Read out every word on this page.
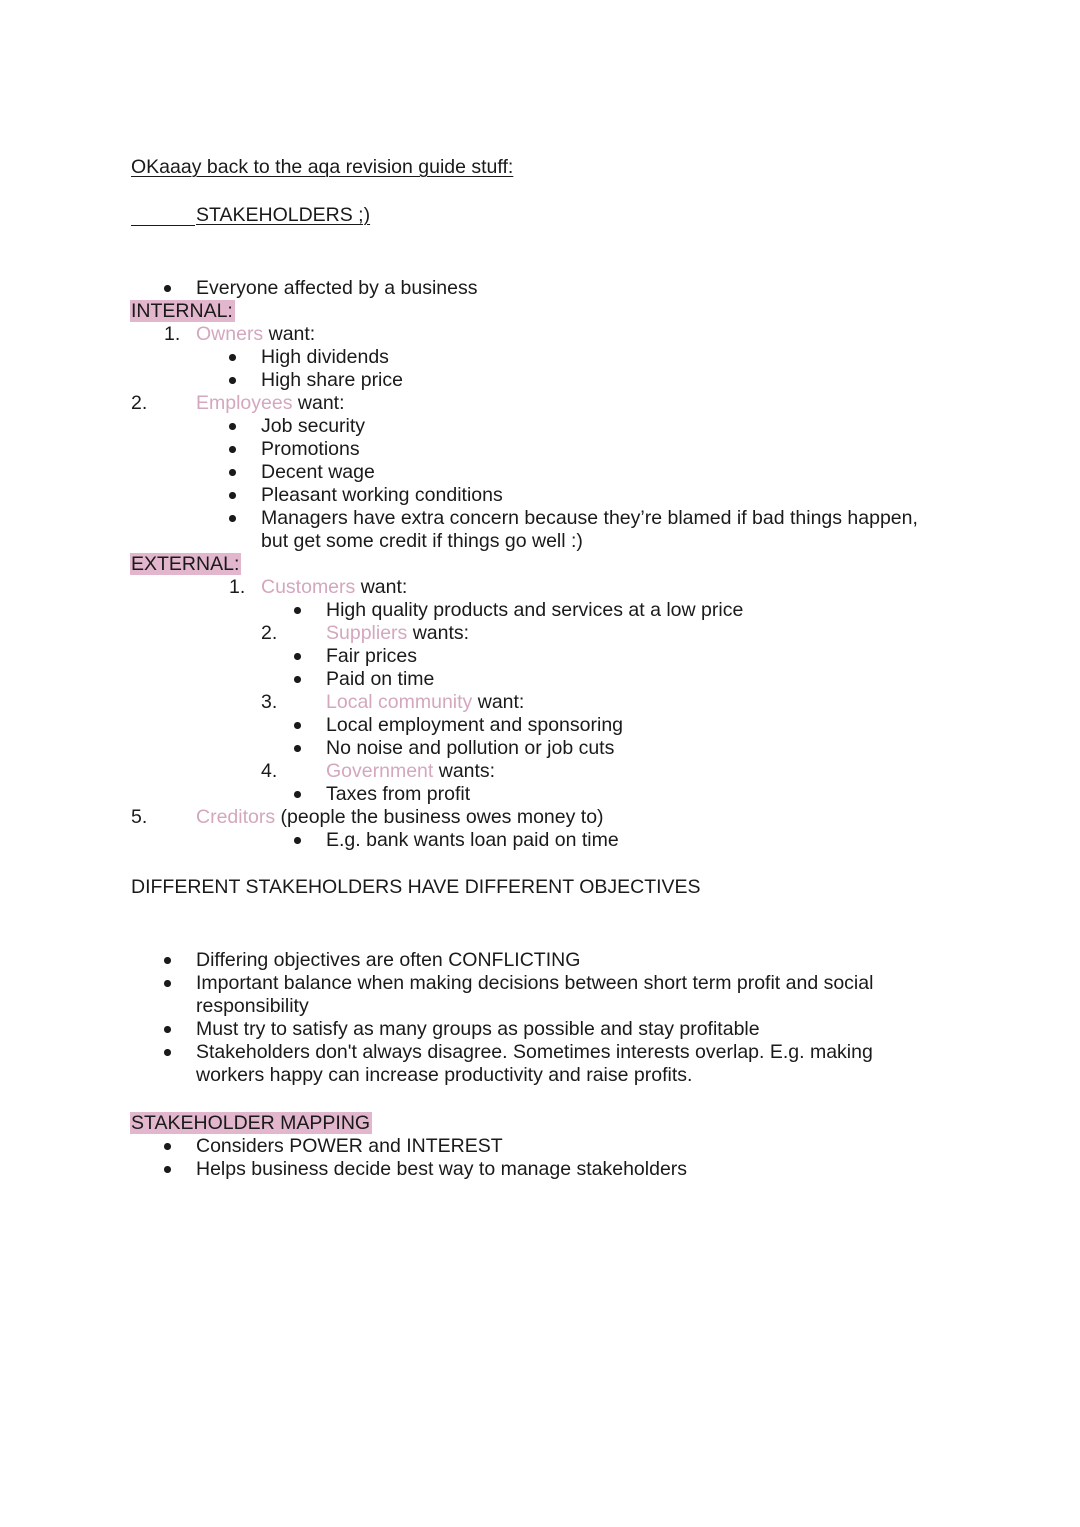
OKaaay back to the aqa revision guide stuff:
STAKEHOLDERS ;)
Everyone affected by a business
INTERNAL:
1. Owners want:
High dividends
High share price
2. Employees want:
Job security
Promotions
Decent wage
Pleasant working conditions
Managers have extra concern because they’re blamed if bad things happen,
but get some credit if things go well :)
EXTERNAL:
1. Customers want:
High quality products and services at a low price
2. Suppliers wants:
Fair prices
Paid on time
3. Local community want:
Local employment and sponsoring
No noise and pollution or job cuts
4. Government wants:
Taxes from profit
5. Creditors (people the business owes money to)
E.g. bank wants loan paid on time
DIFFERENT STAKEHOLDERS HAVE DIFFERENT OBJECTIVES
Differing objectives are often CONFLICTING
Important balance when making decisions between short term profit and social
responsibility
Must try to satisfy as many groups as possible and stay profitable
Stakeholders don't always disagree. Sometimes interests overlap. E.g. making
workers happy can increase productivity and raise profits.
STAKEHOLDER MAPPING
Considers POWER and INTEREST
Helps business decide best way to manage stakeholders
